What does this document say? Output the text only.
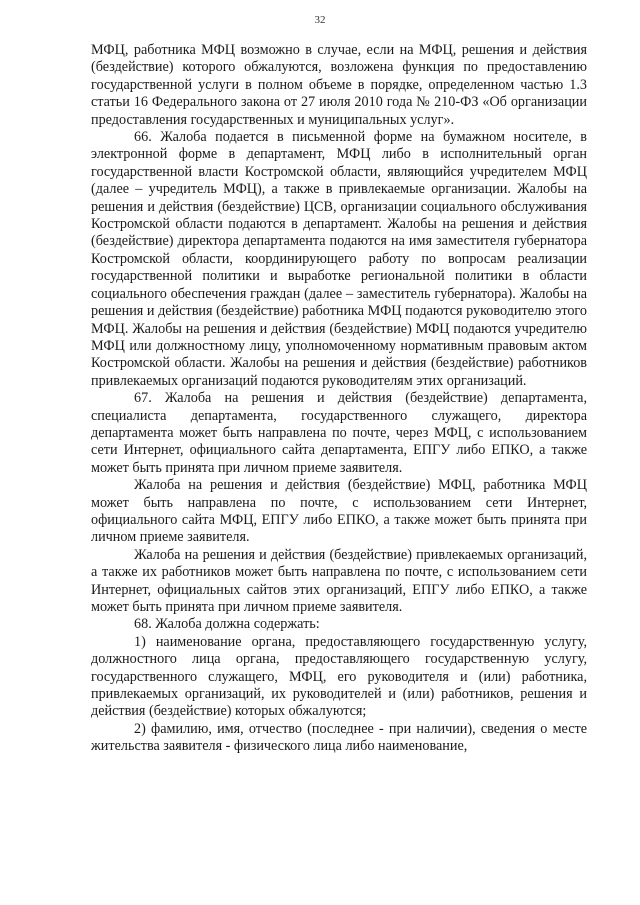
32

МФЦ, работника МФЦ возможно в случае, если на МФЦ, решения и действия (бездействие) которого обжалуются, возложена функция по предоставлению государственной услуги в полном объеме в порядке, определенном частью 1.3 статьи 16 Федерального закона от 27 июля 2010 года № 210-ФЗ «Об организации предоставления государственных и муниципальных услуг».

66. Жалоба подается в письменной форме на бумажном носителе, в электронной форме в департамент, МФЦ либо в исполнительный орган государственной власти Костромской области, являющийся учредителем МФЦ (далее – учредитель МФЦ), а также в привлекаемые организации. Жалобы на решения и действия (бездействие) ЦСВ, организации социального обслуживания Костромской области подаются в департамент. Жалобы на решения и действия (бездействие) директора департамента подаются на имя заместителя губернатора Костромской области, координирующего работу по вопросам реализации государственной политики и выработке региональной политики в области социального обеспечения граждан (далее – заместитель губернатора). Жалобы на решения и действия (бездействие) работника МФЦ подаются руководителю этого МФЦ. Жалобы на решения и действия (бездействие) МФЦ подаются учредителю МФЦ или должностному лицу, уполномоченному нормативным правовым актом Костромской области. Жалобы на решения и действия (бездействие) работников привлекаемых организаций подаются руководителям этих организаций.

67. Жалоба на решения и действия (бездействие) департамента, специалиста департамента, государственного служащего, директора департамента может быть направлена по почте, через МФЦ, с использованием сети Интернет, официального сайта департамента, ЕПГУ либо ЕПКО, а также может быть принята при личном приеме заявителя.

Жалоба на решения и действия (бездействие) МФЦ, работника МФЦ может быть направлена по почте, с использованием сети Интернет, официального сайта МФЦ, ЕПГУ либо ЕПКО, а также может быть принята при личном приеме заявителя.

Жалоба на решения и действия (бездействие) привлекаемых организаций, а также их работников может быть направлена по почте, с использованием сети Интернет, официальных сайтов этих организаций, ЕПГУ либо ЕПКО, а также может быть принята при личном приеме заявителя.

68. Жалоба должна содержать:

1) наименование органа, предоставляющего государственную услугу, должностного лица органа, предоставляющего государственную услугу, государственного служащего, МФЦ, его руководителя и (или) работника, привлекаемых организаций, их руководителей и (или) работников, решения и действия (бездействие) которых обжалуются;

2) фамилию, имя, отчество (последнее - при наличии), сведения о месте жительства заявителя - физического лица либо наименование,
